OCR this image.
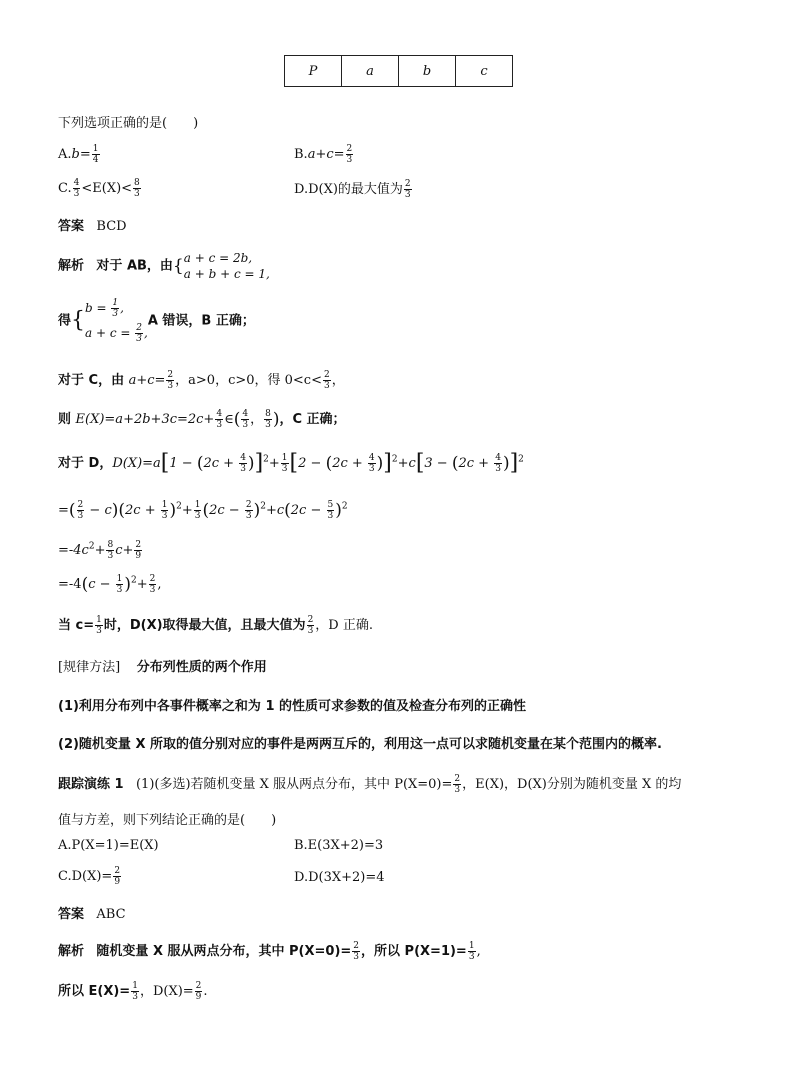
P	a	b	c
下列选项正确的是(　　)
$A.b= \frac{1}{4}$	$B.a+c= \frac{2}{3}$
C. $\frac{4}{3} <E(X)< \frac{8}{3}$	D.D(X)的最大值为 $\frac{2}{3}$
答案 BCD
解析 对于 AB，由{ a + c = 2b,
a + b + c = 1,
得{ $b = \frac{1}{3}$ ,
$a + c = \frac{2}{3}$ ,
A 错误，B 正确；
对于 C，由 $a+c= \frac{2}{3}$ ，a>0，c>0，得 $0<c< \frac{2}{3}$ ，
则 $E(X)=a+2b+3c=2c+ \frac{4}{3}$ ∈( $\frac{4}{3}$ ， $\frac{8}{3}$ )，C 正确；
对于 D，$D(X)=a[1 - (2c + \frac{4}{3} )]^2+ \frac{1}{3} [2 - (2c + \frac{4}{3} )]^2+c[3 - (2c + \frac{4}{3} )]^2$
=( $\frac{2}{3} - c)(2c + \frac{1}{3} )^2+ \frac{1}{3} (2c - \frac{2}{3} )^2+c(2c - \frac{5}{3} )^2$
$=-4c^2+ \frac{8}{3} c+ \frac{2}{9}$
$=-4(c - \frac{1}{3} )^2+ \frac{2}{3}$ ,
当 $c= \frac{1}{3}$ 时，D(X)取得最大值，且最大值为 $\frac{2}{3}$ ，D 正确.
[规律方法] 分布列性质的两个作用
(1)利用分布列中各事件概率之和为 1 的性质可求参数的值及检查分布列的正确性
(2)随机变量 X 所取的值分别对应的事件是两两互斥的，利用这一点可以求随机变量在某个范围内的概率.
跟踪演练 1 (1)(多选)若随机变量 X 服从两点分布，其中 $P(X=0)= \frac{2}{3}$ ，E(X)，D(X)分别为随机变量 X 的均
值与方差，则下列结论正确的是(　　)
A.P(X=1)=E(X)	B.E(3X+2)=3
$C.D(X)= \frac{2}{9}$	D.D(3X+2)=4
答案 ABC
解析 随机变量 X 服从两点分布，其中 $P(X=0)= \frac{2}{3}$ ，所以 $P(X=1)= \frac{1}{3}$ ,
所以 $E(X)= \frac{1}{3}$ ，$D(X)= \frac{2}{9}$ .
